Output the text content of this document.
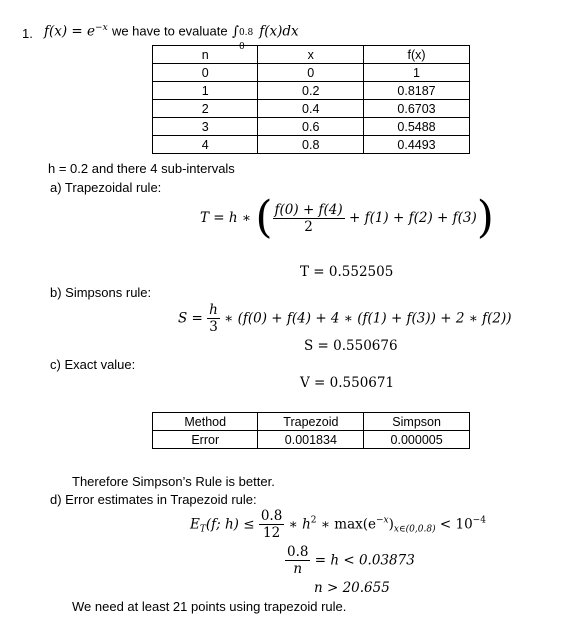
1. $f(x) = e^{-x}$ we have to evaluate ∫ 0.8
0
f(x)dx
n	x	f(x)
0	0	1
1	0.2	0.8187
2	0.4	0.6703
3	0.6	0.5488
4	0.8	0.4493
h = 0.2 and there 4 sub-intervals
a) Trapezoidal rule:
T = h ∗ ( $\frac{f(0) + f(4)}{2} + f(1) + f(2) + f(3)$)
T = 0.552505
b) Simpsons rule:
$S = \frac{h}{3}$ ∗ (f(0) + f(4) + 4 ∗ (f(1) + f(3)) + 2 ∗ f(2))
S = 0.550676
c) Exact value:
V = 0.550671
Method	Trapezoid	Simpson
Error	0.001834	0.000005
Therefore Simpson’s Rule is better.
d) Error estimates in Trapezoid rule:
$E_T(f$; $h) \le \frac{0.8}{12}$ ∗ $h^2$ ∗ $\max(e^{-x})_{x\in(0,0.8)} < 10^{-4}$
$\frac{0.8}{n} = h < 0.03873$
n > 20.655
We need at least 21 points using trapezoid rule.
